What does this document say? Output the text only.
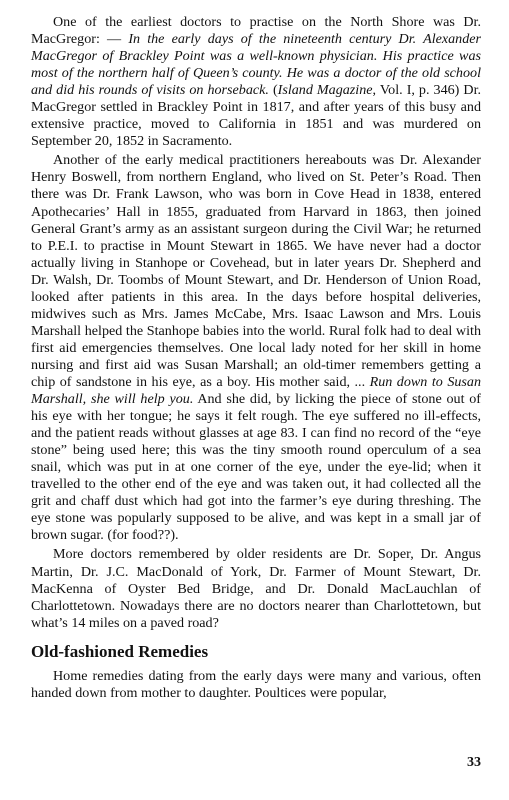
One of the earliest doctors to practise on the North Shore was Dr. MacGregor: — In the early days of the nineteenth century Dr. Alexander MacGregor of Brackley Point was a well-known physician. His practice was most of the northern half of Queen’s county. He was a doctor of the old school and did his rounds of visits on horseback. (Island Magazine, Vol. I, p. 346) Dr. MacGregor settled in Brackley Point in 1817, and after years of this busy and extensive practice, moved to California in 1851 and was murdered on September 20, 1852 in Sacramento.

Another of the early medical practitioners hereabouts was Dr. Alexander Henry Boswell, from northern England, who lived on St. Peter’s Road. Then there was Dr. Frank Lawson, who was born in Cove Head in 1838, entered Apothecaries’ Hall in 1855, graduated from Harvard in 1863, then joined General Grant’s army as an assistant surgeon during the Civil War; he returned to P.E.I. to practise in Mount Stewart in 1865. We have never had a doctor actually living in Stanhope or Covehead, but in later years Dr. Shepherd and Dr. Walsh, Dr. Toombs of Mount Stewart, and Dr. Henderson of Union Road, looked after patients in this area. In the days before hospital deliveries, midwives such as Mrs. James McCabe, Mrs. Isaac Lawson and Mrs. Louis Marshall helped the Stanhope babies into the world. Rural folk had to deal with first aid emergencies themselves. One local lady noted for her skill in home nursing and first aid was Susan Marshall; an old-timer remembers getting a chip of sandstone in his eye, as a boy. His mother said, ... Run down to Susan Marshall, she will help you. And she did, by licking the piece of stone out of his eye with her tongue; he says it felt rough. The eye suffered no ill-effects, and the patient reads without glasses at age 83. I can find no record of the “eye stone” being used here; this was the tiny smooth round operculum of a sea snail, which was put in at one corner of the eye, under the eye-lid; when it travelled to the other end of the eye and was taken out, it had collected all the grit and chaff dust which had got into the farmer’s eye during threshing. The eye stone was popularly supposed to be alive, and was kept in a small jar of brown sugar. (for food??).

More doctors remembered by older residents are Dr. Soper, Dr. Angus Martin, Dr. J.C. MacDonald of York, Dr. Farmer of Mount Stewart, Dr. MacKenna of Oyster Bed Bridge, and Dr. Donald MacLauchlan of Charlottetown. Nowadays there are no doctors nearer than Charlottetown, but what’s 14 miles on a paved road?

Old-fashioned Remedies

Home remedies dating from the early days were many and various, often handed down from mother to daughter. Poultices were popular,

33
